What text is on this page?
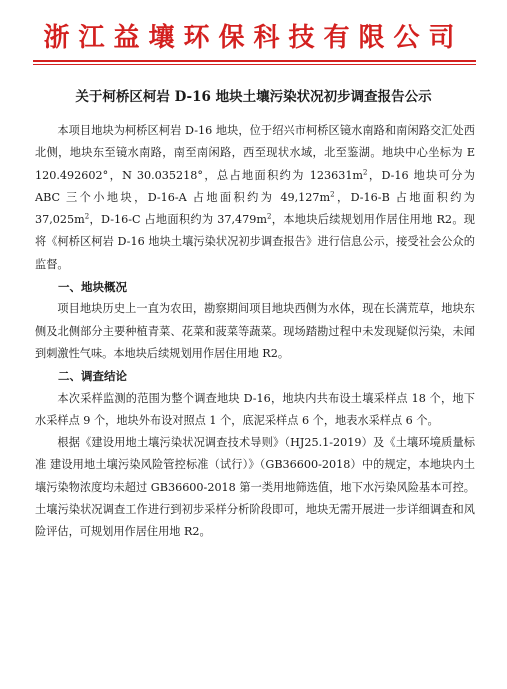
浙江益壤环保科技有限公司
关于柯桥区柯岩 D-16 地块土壤污染状况初步调查报告公示

本项目地块为柯桥区柯岩 D-16 地块，位于绍兴市柯桥区镜水南路和南闲路交汇处西北侧，地块东至镜水南路，南至南闲路，西至现状水域，北至鉴湖。地块中心坐标为 E 120.492602°，N 30.035218°，总占地面积约为 $123631m^2$，D-16 地块可分为 ABC 三个小地块，D-16-A 占地面积约为 $49,127m^2$，D-16-B 占地面积约为 $37,025m^2$，D-16-C 占地面积约为 $37,479m^2$，本地块后续规划用作居住用地 R2。现将《柯桥区柯岩 D-16 地块土壤污染状况初步调查报告》进行信息公示，接受社会公众的监督。

一、地块概况

项目地块历史上一直为农田，勘察期间项目地块西侧为水体，现在长满荒草，地块东侧及北侧部分主要种植青菜、花菜和菠菜等蔬菜。现场踏勘过程中未发现疑似污染，未闻到刺激性气味。本地块后续规划用作居住用地 R2。

二、调查结论

本次采样监测的范围为整个调查地块 D-16，地块内共布设土壤采样点 18 个，地下水采样点 9 个，地块外布设对照点 1 个，底泥采样点 6 个，地表水采样点 6 个。

根据《建设用地土壤污染状况调查技术导则》（HJ25.1-2019）及《土壤环境质量标准 建设用地土壤污染风险管控标准（试行）》（GB36600-2018）中的规定，本地块内土壤污染物浓度均未超过 GB36600-2018 第一类用地筛选值，地下水污染风险基本可控。土壤污染状况调查工作进行到初步采样分析阶段即可，地块无需开展进一步详细调查和风险评估，可规划用作居住用地 R2。
